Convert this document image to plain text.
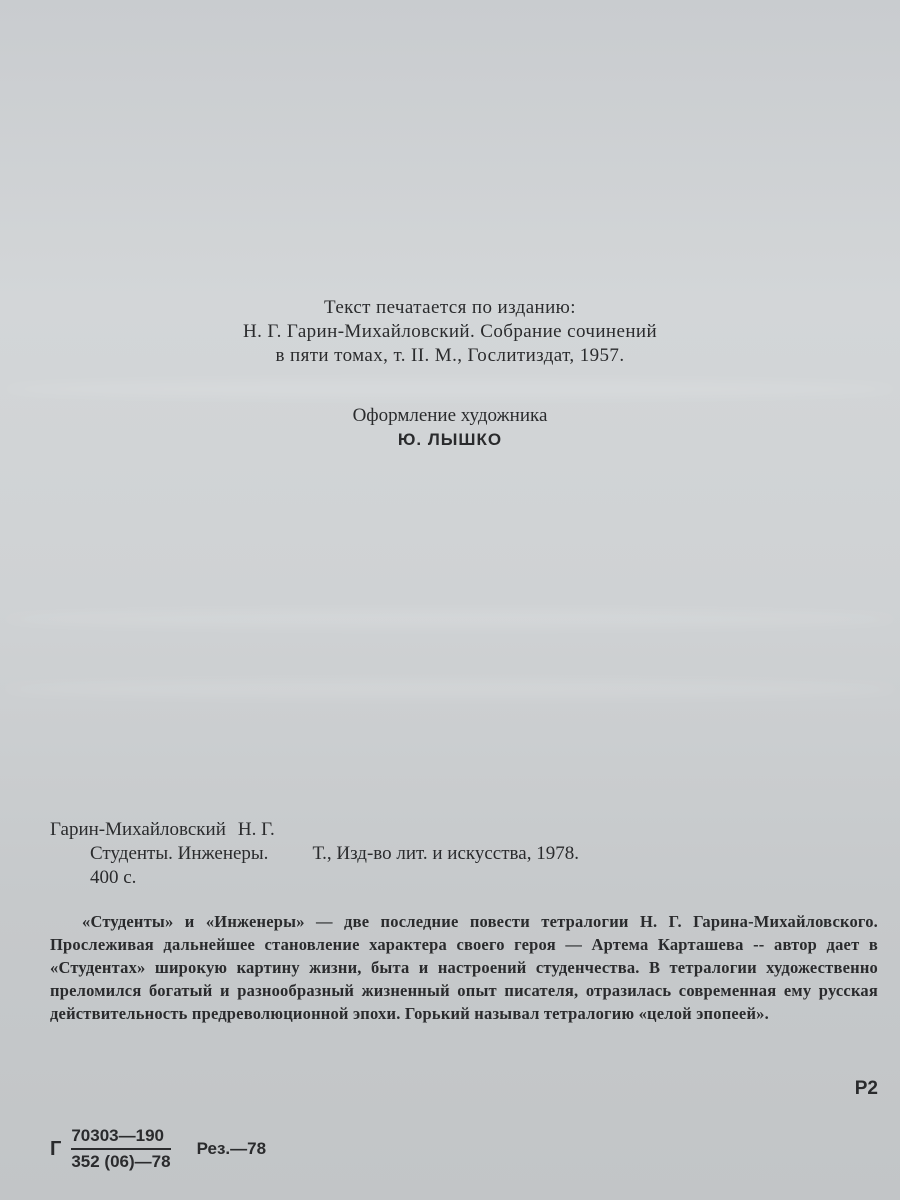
Текст печатается по изданию:
Н. Г. Гарин-Михайловский. Собрание сочинений
в пяти томах, т. II. М., Гослитиздат, 1957.
Оформление художника
Ю. ЛЫШКО
Гарин-Михайловский Н. Г.
Студенты. Инженеры. Т., Изд-во лит. и искусства, 1978.
400 с.
«Студенты» и «Инженеры» — две последние повести тетралогии Н. Г. Гарина-Михайловского. Прослеживая дальнейшее становление характера своего героя — Артема Карташева -- автор дает в «Студентах» широкую картину жизни, быта и настроений студенчества. В тетралогии художественно преломился богатый и разнообразный жизненный опыт писателя, отразилась современная ему русская действительность предреволюционной эпохи. Горький называл тетралогию «целой эпопеей».
Р2
Г $\frac{70303—190}{352 (06)—78}$ Рез.—78
